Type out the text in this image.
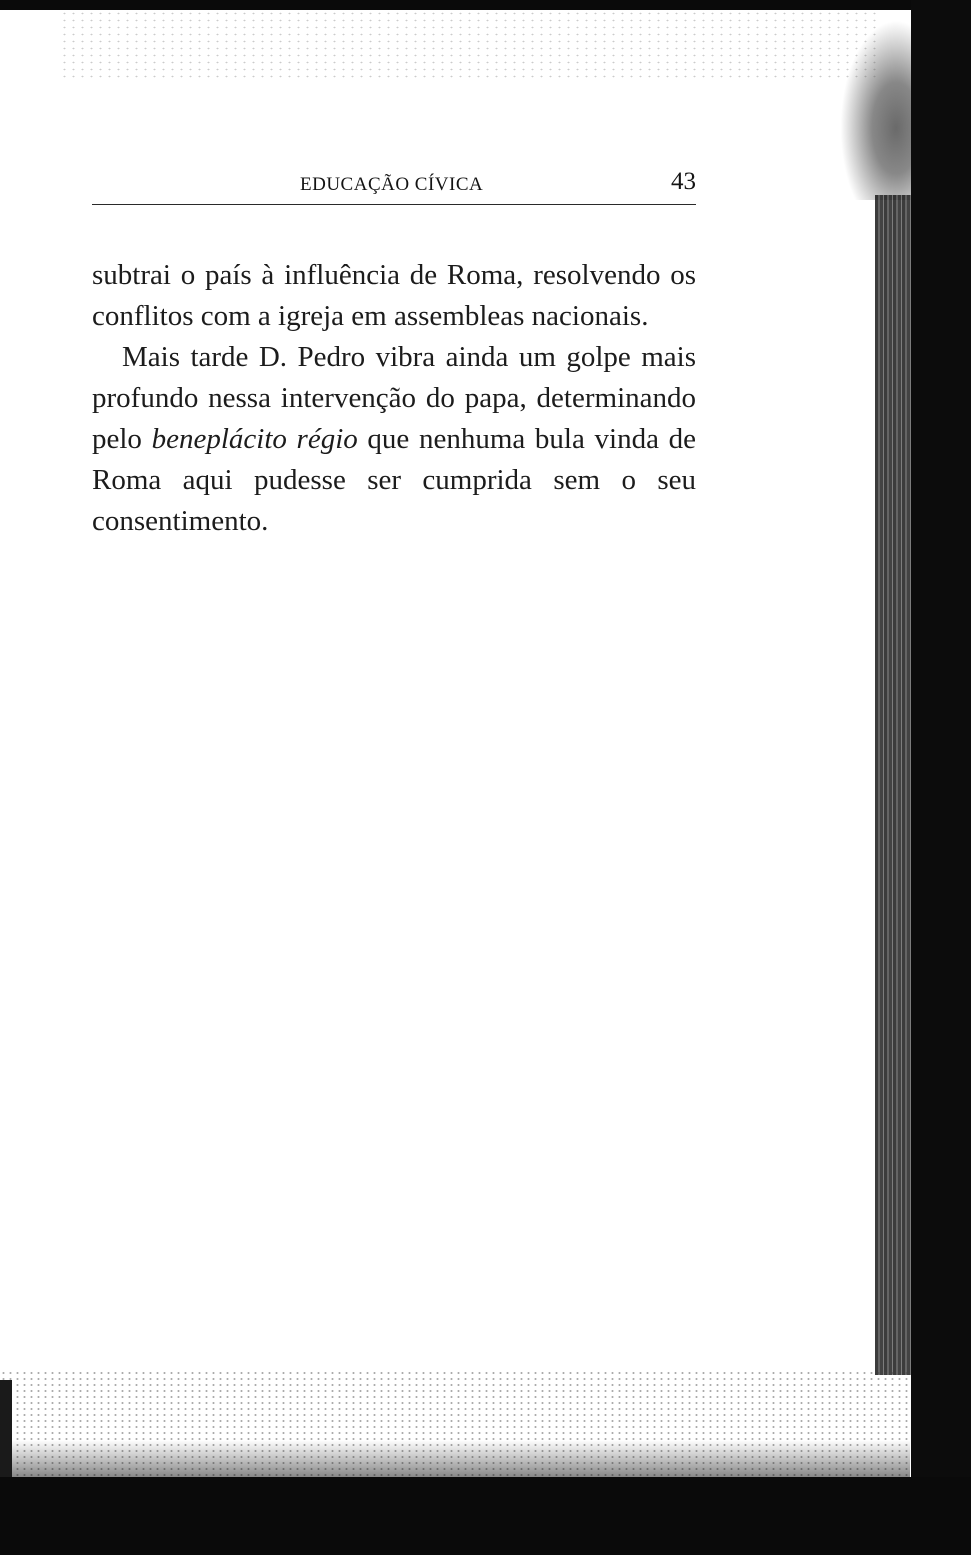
EDUCAÇÃO CÍVICA	43

subtrai o país à influência de Roma, resolvendo os conflitos com a igreja em assembleas nacionais.

Mais tarde D. Pedro vibra ainda um golpe mais profundo nessa intervenção do papa, determinando pelo beneplácito régio que nenhuma bula vinda de Roma aqui pudesse ser cumprida sem o seu consentimento.
